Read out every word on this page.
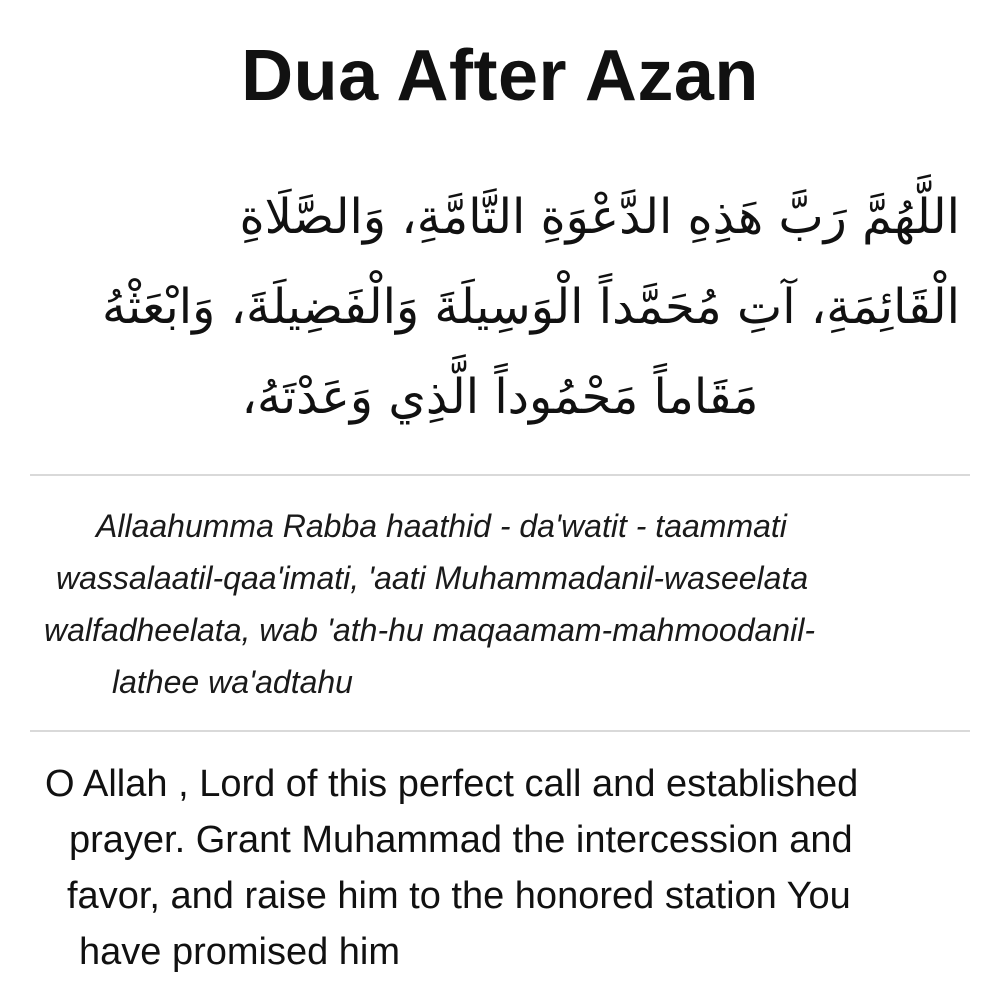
Dua After Azan
اللَّهُمَّ رَبَّ هَذِهِ الدَّعْوَةِ التَّامَّةِ، وَالصَّلَاةِ
الْقَائِمَةِ، آتِ مُحَمَّداً الْوَسِيلَةَ وَالْفَضِيلَةَ، وَابْعَثْهُ
مَقَاماً مَحْمُوداً الَّذِي وَعَدْتَهُ،
Allaahumma Rabba haathid - da'watit - taammati
wassalaatil-qaa'imati, 'aati Muhammadanil-waseelata
walfadheelata, wab 'ath-hu maqaamam-mahmoodanil-
lathee wa'adtahu
O Allah , Lord of this perfect call and established
prayer. Grant Muhammad the intercession and
favor, and raise him to the honored station You
have promised him
